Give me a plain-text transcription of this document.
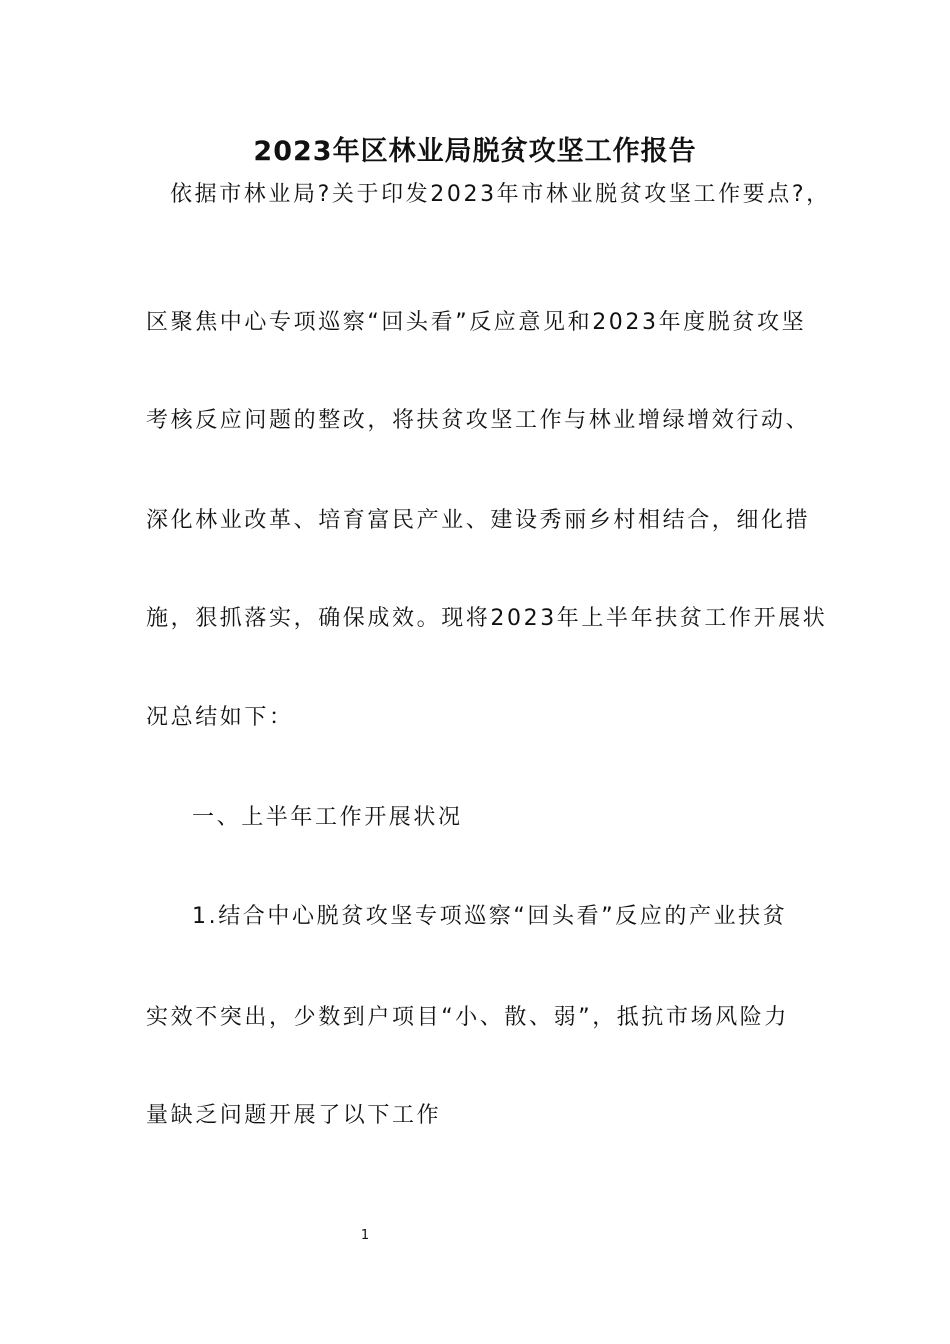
2023年区林业局脱贫攻坚工作报告
依据市林业局?关于印发2023年市林业脱贫攻坚工作要点?，
区聚焦中心专项巡察“回头看”反应意见和2023年度脱贫攻坚
考核反应问题的整改，将扶贫攻坚工作与林业增绿增效行动、
深化林业改革、培育富民产业、建设秀丽乡村相结合，细化措
施，狠抓落实，确保成效。现将2023年上半年扶贫工作开展状
况总结如下：
一、上半年工作开展状况
1.结合中心脱贫攻坚专项巡察“回头看”反应的产业扶贫
实效不突出，少数到户项目“小、散、弱”，抵抗市场风险力
量缺乏问题开展了以下工作
1
